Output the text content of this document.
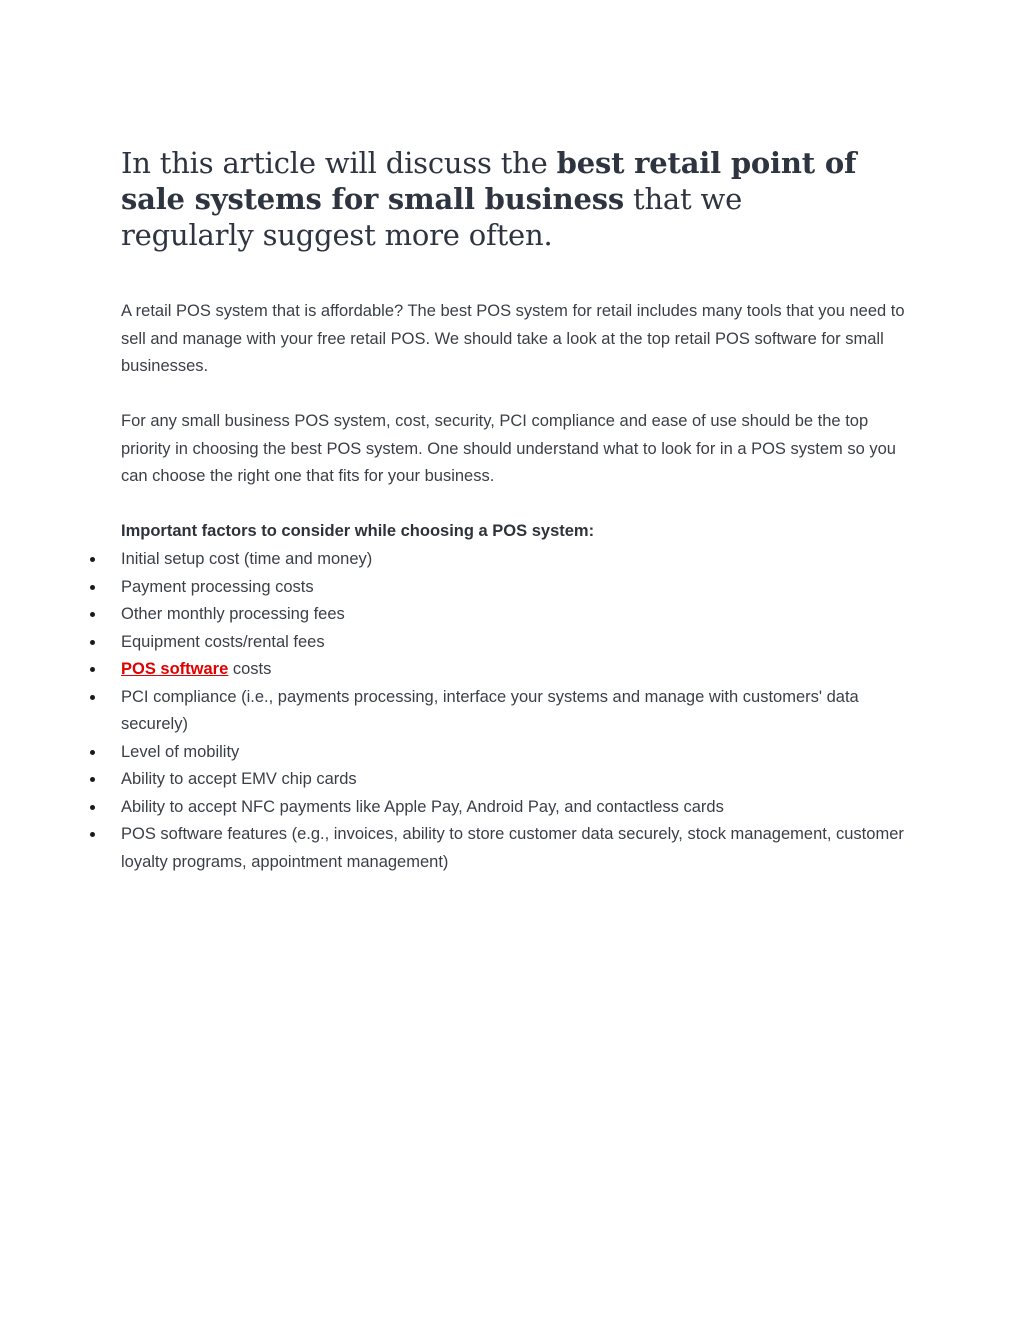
In this article will discuss the best retail point of sale systems for small business that we regularly suggest more often.

A retail POS system that is affordable? The best POS system for retail includes many tools that you need to sell and manage with your free retail POS. We should take a look at the top retail POS software for small businesses.

For any small business POS system, cost, security, PCI compliance and ease of use should be the top priority in choosing the best POS system. One should understand what to look for in a POS system so you can choose the right one that fits for your business.

Important factors to consider while choosing a POS system:

Initial setup cost (time and money)
Payment processing costs
Other monthly processing fees
Equipment costs/rental fees
POS software costs
PCI compliance (i.e., payments processing, interface your systems and manage with customers' data securely)
Level of mobility
Ability to accept EMV chip cards
Ability to accept NFC payments like Apple Pay, Android Pay, and contactless cards
POS software features (e.g., invoices, ability to store customer data securely, stock management, customer loyalty programs, appointment management)
